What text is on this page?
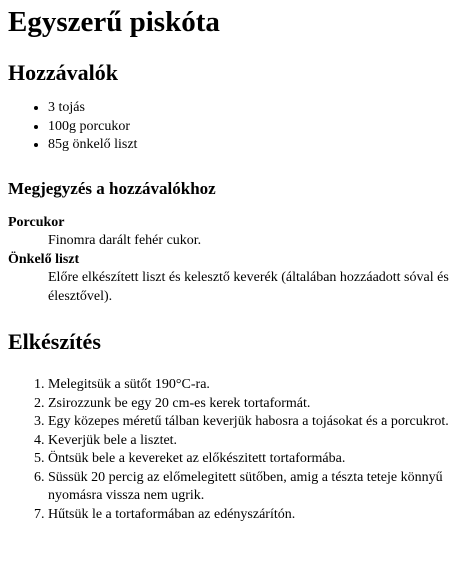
Egyszerű piskóta
Hozzávalók
• 3 tojás
• 100g porcukor
• 85g önkelő liszt
Megjegyzés a hozzávalókhoz
Porcukor
Finomra darált fehér cukor.
Önkelő liszt
Előre elkészített liszt és kelesztő keverék (általában hozzáadott sóval és élesztővel).
Elkészítés
1. Melegitsük a sütőt 190°C-ra.
2. Zsirozzunk be egy 20 cm-es kerek tortaformát.
3. Egy közepes méretű tálban keverjük habosra a tojásokat és a porcukrot.
4. Keverjük bele a lisztet.
5. Öntsük bele a kevereket az előkészitett tortaformába.
6. Süssük 20 percig az előmelegitett sütőben, amig a tészta teteje könnyű nyomásra vissza nem ugrik.
7. Hűtsük le a tortaformában az edényszárítón.
